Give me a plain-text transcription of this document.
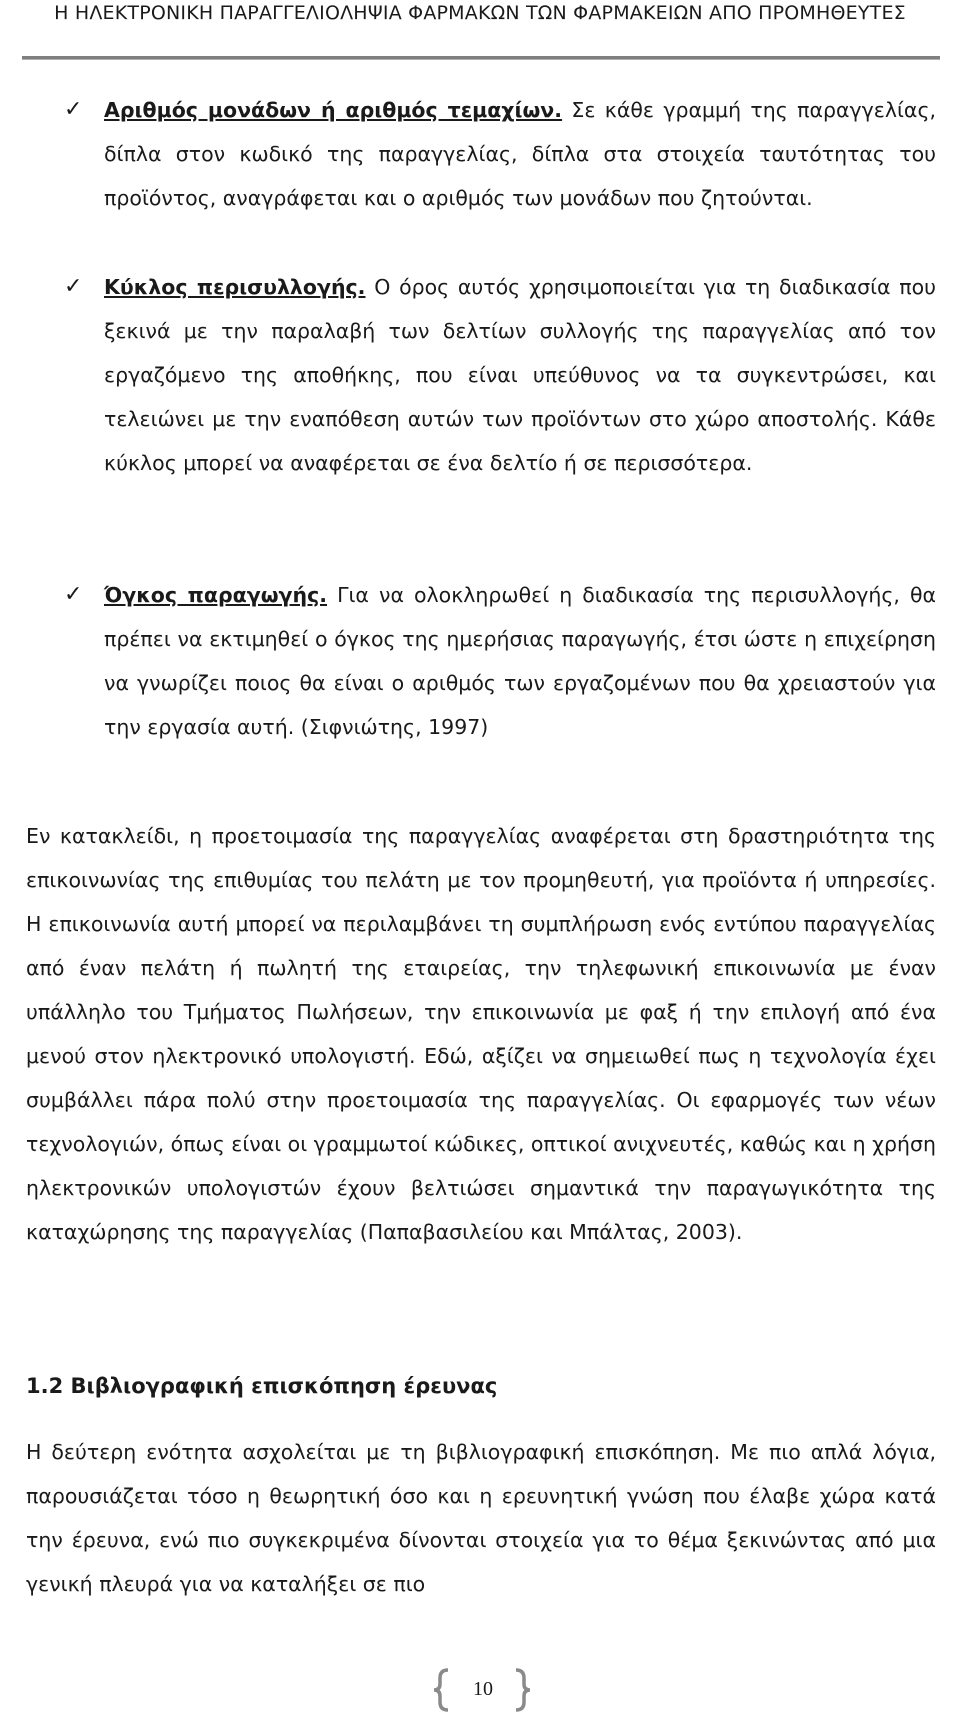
Η ΗΛΕΚΤΡΟΝΙΚΗ ΠΑΡΑΓΓΕΛΙΟΛΗΨΙΑ ΦΑΡΜΑΚΩΝ ΤΩΝ ΦΑΡΜΑΚΕΙΩΝ ΑΠΟ ΠΡΟΜΗΘΕΥΤΕΣ
✓ Αριθμός μονάδων ή αριθμός τεμαχίων. Σε κάθε γραμμή της παραγγελίας, δίπλα στον κωδικό της παραγγελίας, δίπλα στα στοιχεία ταυτότητας του προϊόντος, αναγράφεται και ο αριθμός των μονάδων που ζητούνται.
✓ Κύκλος περισυλλογής. Ο όρος αυτός χρησιμοποιείται για τη διαδικασία που ξεκινά με την παραλαβή των δελτίων συλλογής της παραγγελίας από τον εργαζόμενο της αποθήκης, που είναι υπεύθυνος να τα συγκεντρώσει, και τελειώνει με την εναπόθεση αυτών των προϊόντων στο χώρο αποστολής. Κάθε κύκλος μπορεί να αναφέρεται σε ένα δελτίο ή σε περισσότερα.
✓ Όγκος παραγωγής. Για να ολοκληρωθεί η διαδικασία της περισυλλογής, θα πρέπει να εκτιμηθεί ο όγκος της ημερήσιας παραγωγής, έτσι ώστε η επιχείρηση να γνωρίζει ποιος θα είναι ο αριθμός των εργαζομένων που θα χρειαστούν για την εργασία αυτή. (Σιφνιώτης, 1997)
Εν κατακλείδι, η προετοιμασία της παραγγελίας αναφέρεται στη δραστηριότητα της επικοινωνίας της επιθυμίας του πελάτη με τον προμηθευτή, για προϊόντα ή υπηρεσίες. Η επικοινωνία αυτή μπορεί να περιλαμβάνει τη συμπλήρωση ενός εντύπου παραγγελίας από έναν πελάτη ή πωλητή της εταιρείας, την τηλεφωνική επικοινωνία με έναν υπάλληλο του Τμήματος Πωλήσεων, την επικοινωνία με φαξ ή την επιλογή από ένα μενού στον ηλεκτρονικό υπολογιστή. Εδώ, αξίζει να σημειωθεί πως η τεχνολογία έχει συμβάλλει πάρα πολύ στην προετοιμασία της παραγγελίας. Οι εφαρμογές των νέων τεχνολογιών, όπως είναι οι γραμμωτοί κώδικες, οπτικοί ανιχνευτές, καθώς και η χρήση ηλεκτρονικών υπολογιστών έχουν βελτιώσει σημαντικά την παραγωγικότητα της καταχώρησης της παραγγελίας (Παπαβασιλείου και Μπάλτας, 2003).
1.2 Βιβλιογραφική επισκόπηση έρευνας
Η δεύτερη ενότητα ασχολείται με τη βιβλιογραφική επισκόπηση. Με πιο απλά λόγια, παρουσιάζεται τόσο η θεωρητική όσο και η ερευνητική γνώση που έλαβε χώρα κατά την έρευνα, ενώ πιο συγκεκριμένα δίνονται στοιχεία για το θέμα ξεκινώντας από μια γενική πλευρά για να καταλήξει σε πιο
10
